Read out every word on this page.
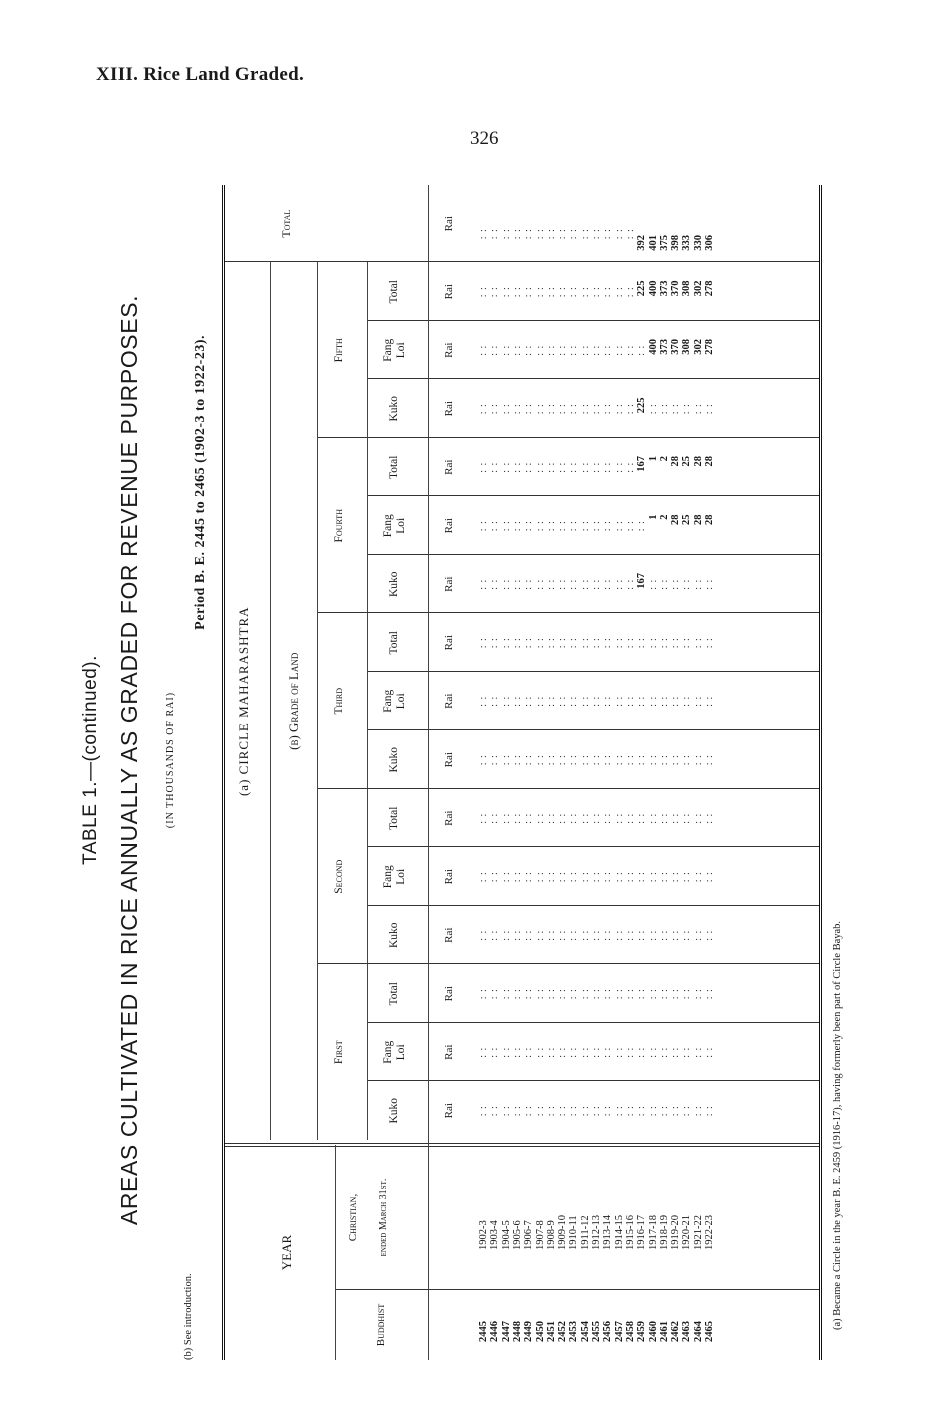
XIII. Rice Land Graded.
326
TABLE 1.—(continued). AREAS CULTIVATED IN RICE ANNUALLY AS GRADED FOR REVENUE PURPOSES. (IN THOUSANDS OF RAI)
Period B. E. 2445 to 2465 (1902-3 to 1922-23).
(a) CIRCLE MAHARASHTRA	(b) Grade of Land
YEAR
Buddhist
Christian, ended March 31st.
Total
First
Kuko
Fang Loi
Total
Second
Kuko
Fang Loi
Total
Third
Kuko
Fang Loi
Total
Fourth
Kuko
Fang Loi
Total
Fifth
Kuko
Fang Loi
Total
Rai
Rai
Rai
Rai
Rai
Rai
Rai
Rai
Rai
Rai
Rai
Rai
Rai
Rai
Rai
Rai
2445
1902-3
: :
: :
: :
: :
: :
: :
: :
: :
: :
: :
: :
: :
: :
: :
: :
: :
2446
1903-4
: :
: :
: :
: :
: :
: :
: :
: :
: :
: :
: :
: :
: :
: :
: :
: :
2447
1904-5
: :
: :
: :
: :
: :
: :
: :
: :
: :
: :
: :
: :
: :
: :
: :
: :
2448
1905-6
: :
: :
: :
: :
: :
: :
: :
: :
: :
: :
: :
: :
: :
: :
: :
: :
2449
1906-7
: :
: :
: :
: :
: :
: :
: :
: :
: :
: :
: :
: :
: :
: :
: :
: :
2450
1907-8
: :
: :
: :
: :
: :
: :
: :
: :
: :
: :
: :
: :
: :
: :
: :
: :
2451
1908-9
: :
: :
: :
: :
: :
: :
: :
: :
: :
: :
: :
: :
: :
: :
: :
: :
2452
1909-10
: :
: :
: :
: :
: :
: :
: :
: :
: :
: :
: :
: :
: :
: :
: :
: :
2453
1910-11
: :
: :
: :
: :
: :
: :
: :
: :
: :
: :
: :
: :
: :
: :
: :
: :
2454
1911-12
: :
: :
: :
: :
: :
: :
: :
: :
: :
: :
: :
: :
: :
: :
: :
: :
2455
1912-13
: :
: :
: :
: :
: :
: :
: :
: :
: :
: :
: :
: :
: :
: :
: :
: :
2456
1913-14
: :
: :
: :
: :
: :
: :
: :
: :
: :
: :
: :
: :
: :
: :
: :
: :
2457
1914-15
: :
: :
: :
: :
: :
: :
: :
: :
: :
: :
: :
: :
: :
: :
: :
: :
2458
1915-16
: :
: :
: :
: :
: :
: :
: :
: :
: :
: :
: :
: :
: :
: :
: :
: :
2459
1916-17
: :
: :
: :
: :
: :
: :
: :
: :
: :
167
: :
167
225
: :
225
392
2460
1917-18
: :
: :
: :
: :
: :
: :
: :
: :
: :
: :
1
1
: :
400
400
401
2461
1918-19
: :
: :
: :
: :
: :
: :
: :
: :
: :
: :
2
2
: :
373
373
375
2462
1919-20
: :
: :
: :
: :
: :
: :
: :
: :
: :
: :
28
28
: :
370
370
398
2463
1920-21
: :
: :
: :
: :
: :
: :
: :
: :
: :
: :
25
25
: :
308
308
333
2464
1921-22
: :
: :
: :
: :
: :
: :
: :
: :
: :
: :
28
28
: :
302
302
330
2465
1922-23
: :
: :
: :
: :
: :
: :
: :
: :
: :
: :
28
28
: :
278
278
306
(a) Became a Circle in the year B. E. 2459 (1916-17), having formerly been part of Circle Bayab.
(b) See introduction.
